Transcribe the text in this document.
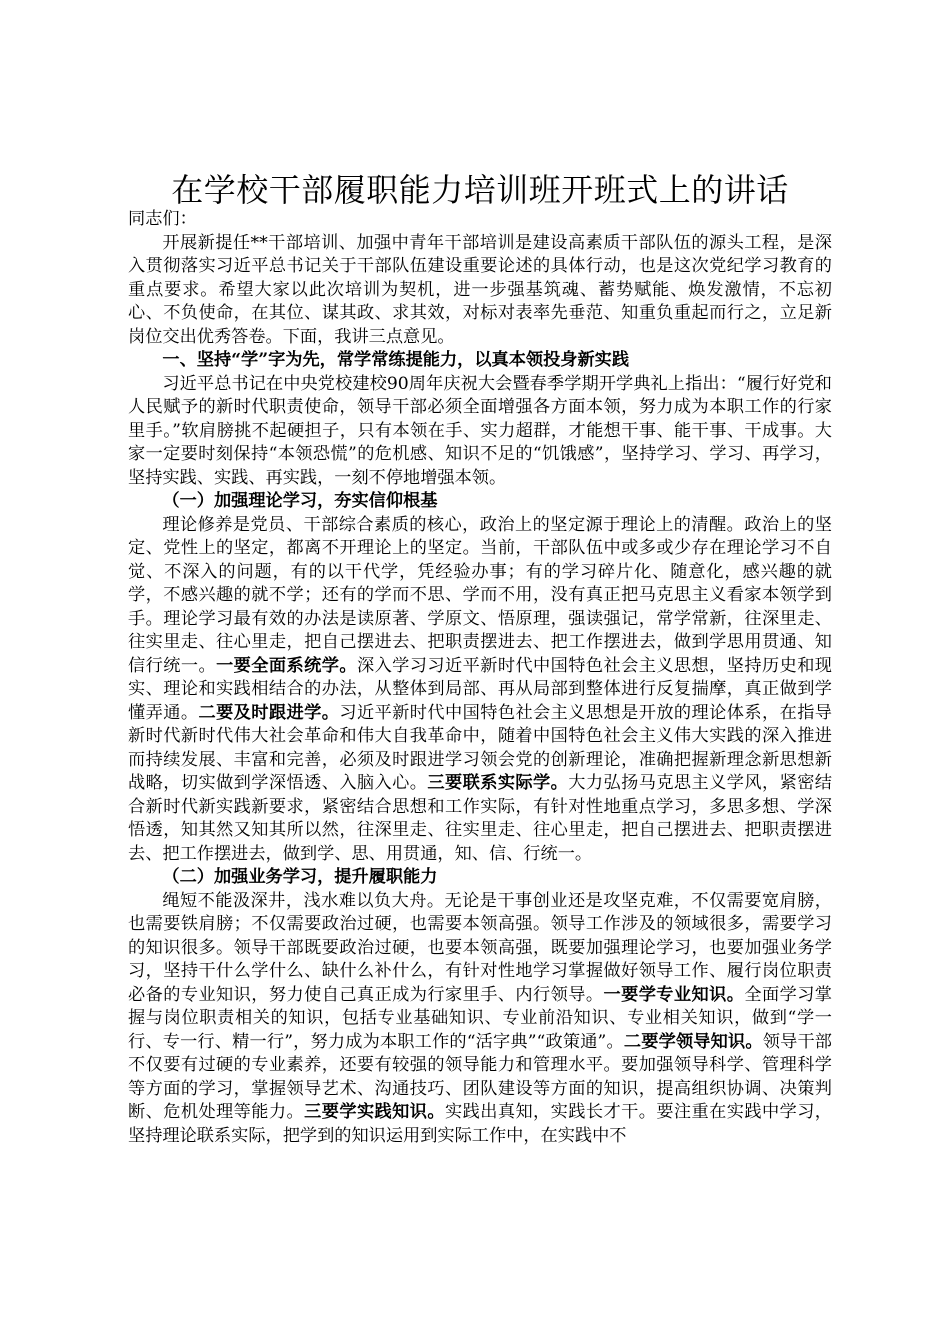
在学校干部履职能力培训班开班式上的讲话
同志们：

开展新提任**干部培训、加强中青年干部培训是建设高素质干部队伍的源头工程，是深入贯彻落实习近平总书记关于干部队伍建设重要论述的具体行动，也是这次党纪学习教育的重点要求。希望大家以此次培训为契机，进一步强基筑魂、蓄势赋能、焕发激情，不忘初心、不负使命，在其位、谋其政、求其效，对标对表率先垂范、知重负重起而行之，立足新岗位交出优秀答卷。下面，我讲三点意见。

一、坚持“学”字为先，常学常练提能力，以真本领投身新实践

习近平总书记在中央党校建校90周年庆祝大会暨春季学期开学典礼上指出：“履行好党和人民赋予的新时代职责使命，领导干部必须全面增强各方面本领，努力成为本职工作的行家里手。”软肩膀挑不起硬担子，只有本领在手、实力超群，才能想干事、能干事、干成事。大家一定要时刻保持“本领恐慌”的危机感、知识不足的“饥饿感”，坚持学习、学习、再学习，坚持实践、实践、再实践，一刻不停地增强本领。

（一）加强理论学习，夯实信仰根基

理论修养是党员、干部综合素质的核心，政治上的坚定源于理论上的清醒。政治上的坚定、党性上的坚定，都离不开理论上的坚定。当前，干部队伍中或多或少存在理论学习不自觉、不深入的问题，有的以干代学，凭经验办事；有的学习碎片化、随意化，感兴趣的就学，不感兴趣的就不学；还有的学而不思、学而不用，没有真正把马克思主义看家本领学到手。理论学习最有效的办法是读原著、学原文、悟原理，强读强记，常学常新，往深里走、往实里走、往心里走，把自己摆进去、把职责摆进去、把工作摆进去，做到学思用贯通、知信行统一。一要全面系统学。深入学习习近平新时代中国特色社会主义思想，坚持历史和现实、理论和实践相结合的办法，从整体到局部、再从局部到整体进行反复揣摩，真正做到学懂弄通。二要及时跟进学。习近平新时代中国特色社会主义思想是开放的理论体系，在指导新时代新时代伟大社会革命和伟大自我革命中，随着中国特色社会主义伟大实践的深入推进而持续发展、丰富和完善，必须及时跟进学习领会党的创新理论，准确把握新理念新思想新战略，切实做到学深悟透、入脑入心。三要联系实际学。大力弘扬马克思主义学风，紧密结合新时代新实践新要求，紧密结合思想和工作实际，有针对性地重点学习，多思多想、学深悟透，知其然又知其所以然，往深里走、往实里走、往心里走，把自己摆进去、把职责摆进去、把工作摆进去，做到学、思、用贯通，知、信、行统一。

（二）加强业务学习，提升履职能力

绳短不能汲深井，浅水难以负大舟。无论是干事创业还是攻坚克难，不仅需要宽肩膀，也需要铁肩膀；不仅需要政治过硬，也需要本领高强。领导工作涉及的领域很多，需要学习的知识很多。领导干部既要政治过硬，也要本领高强，既要加强理论学习，也要加强业务学习，坚持干什么学什么、缺什么补什么，有针对性地学习掌握做好领导工作、履行岗位职责必备的专业知识，努力使自己真正成为行家里手、内行领导。一要学专业知识。全面学习掌握与岗位职责相关的知识，包括专业基础知识、专业前沿知识、专业相关知识，做到“学一行、专一行、精一行”，努力成为本职工作的“活字典”“政策通”。二要学领导知识。领导干部不仅要有过硬的专业素养，还要有较强的领导能力和管理水平。要加强领导科学、管理科学等方面的学习，掌握领导艺术、沟通技巧、团队建设等方面的知识，提高组织协调、决策判断、危机处理等能力。三要学实践知识。实践出真知，实践长才干。要注重在实践中学习，坚持理论联系实际，把学到的知识运用到实际工作中，在实践中不
